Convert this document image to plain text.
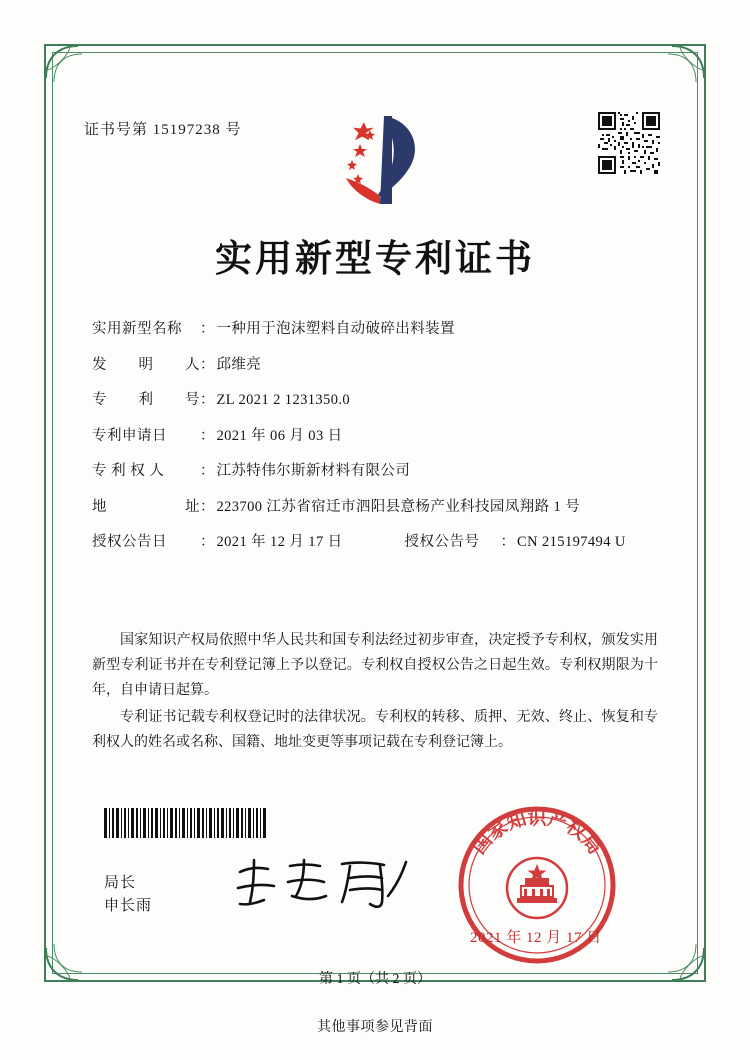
证书号第 15197238 号
实用新型专利证书
实用新型名称	： 一种用于泡沫塑料自动破碎出料装置
发 明 人 ： 邱维亮
专 利 号 ： ZL 2021 2 1231350.0
专利申请日	： 2021 年 06 月 03 日
专 利 权 人	： 江苏特伟尔斯新材料有限公司
地	址 ： 223700 江苏省宿迁市泗阳县意杨产业科技园凤翔路 1 号
授权公告日	： 2021 年 12 月 17 日	授权公告号	： CN 215197494 U

国家知识产权局依照中华人民共和国专利法经过初步审查，决定授予专利权，颁发实用新型专利证书并在专利登记簿上予以登记。专利权自授权公告之日起生效。专利权期限为十年，自申请日起算。

专利证书记载专利权登记时的法律状况。专利权的转移、质押、无效、终止、恢复和专利权人的姓名或名称、国籍、地址变更等事项记载在专利登记簿上。

局长
申长雨
国家知识产权局
2021 年 12 月 17 日
第 1 页（共 2 页）
其他事项参见背面
